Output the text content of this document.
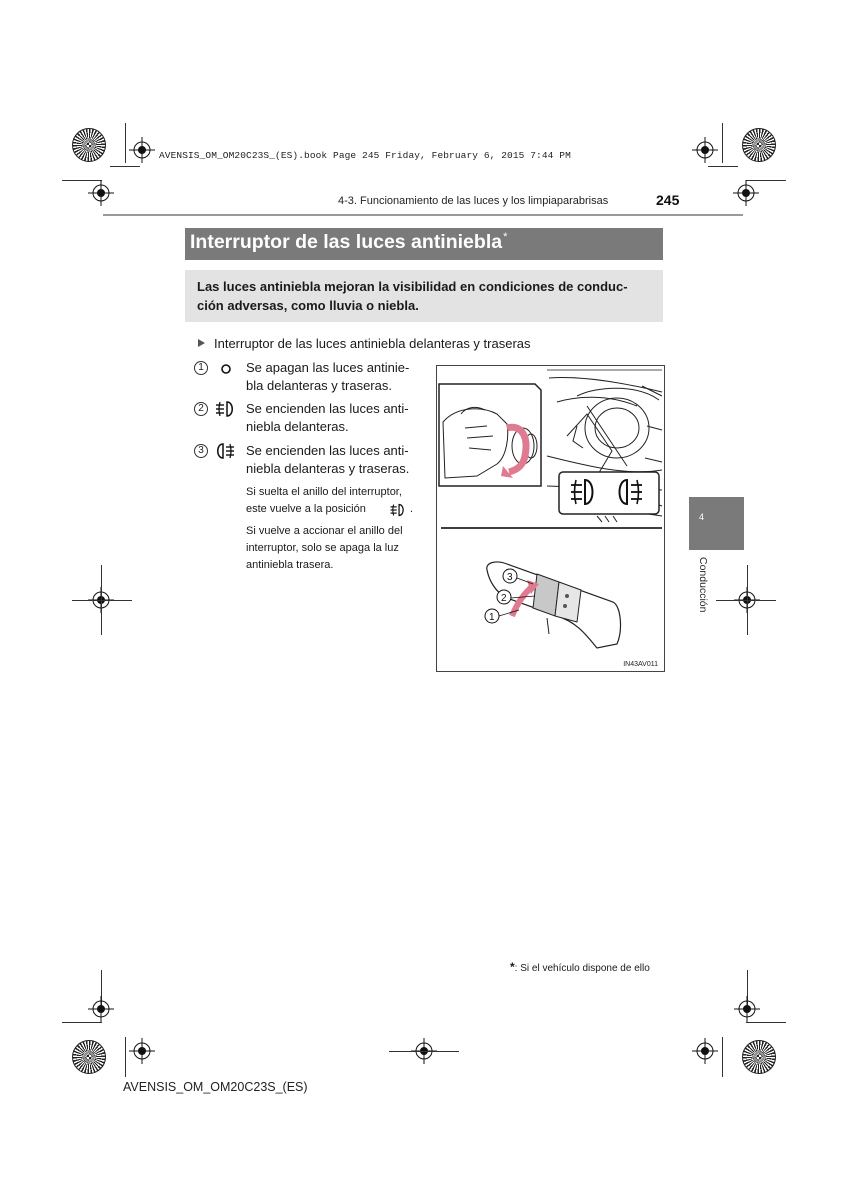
AVENSIS_OM_OM20C23S_(ES).book Page 245 Friday, February 6, 2015 7:44 PM
4-3. Funcionamiento de las luces y los limpiaparabrisas	245
Interruptor de las luces antiniebla*
Las luces antiniebla mejoran la visibilidad en condiciones de conduc-
ción adversas, como lluvia o niebla.
Interruptor de las luces antiniebla delanteras y traseras
1	Se apagan las luces antinie-
bla delanteras y traseras.
2	Se encienden las luces anti-
niebla delanteras.
3	Se encienden las luces anti-
niebla delanteras y traseras.
Si suelta el anillo del interruptor,
este vuelve a la posición	.
Si vuelve a accionar el anillo del
interruptor, solo se apaga la luz
antiniebla trasera.
3
2
1
IN43AV011
4
Conducción
*: Si el vehículo dispone de ello
AVENSIS_OM_OM20C23S_(ES)
